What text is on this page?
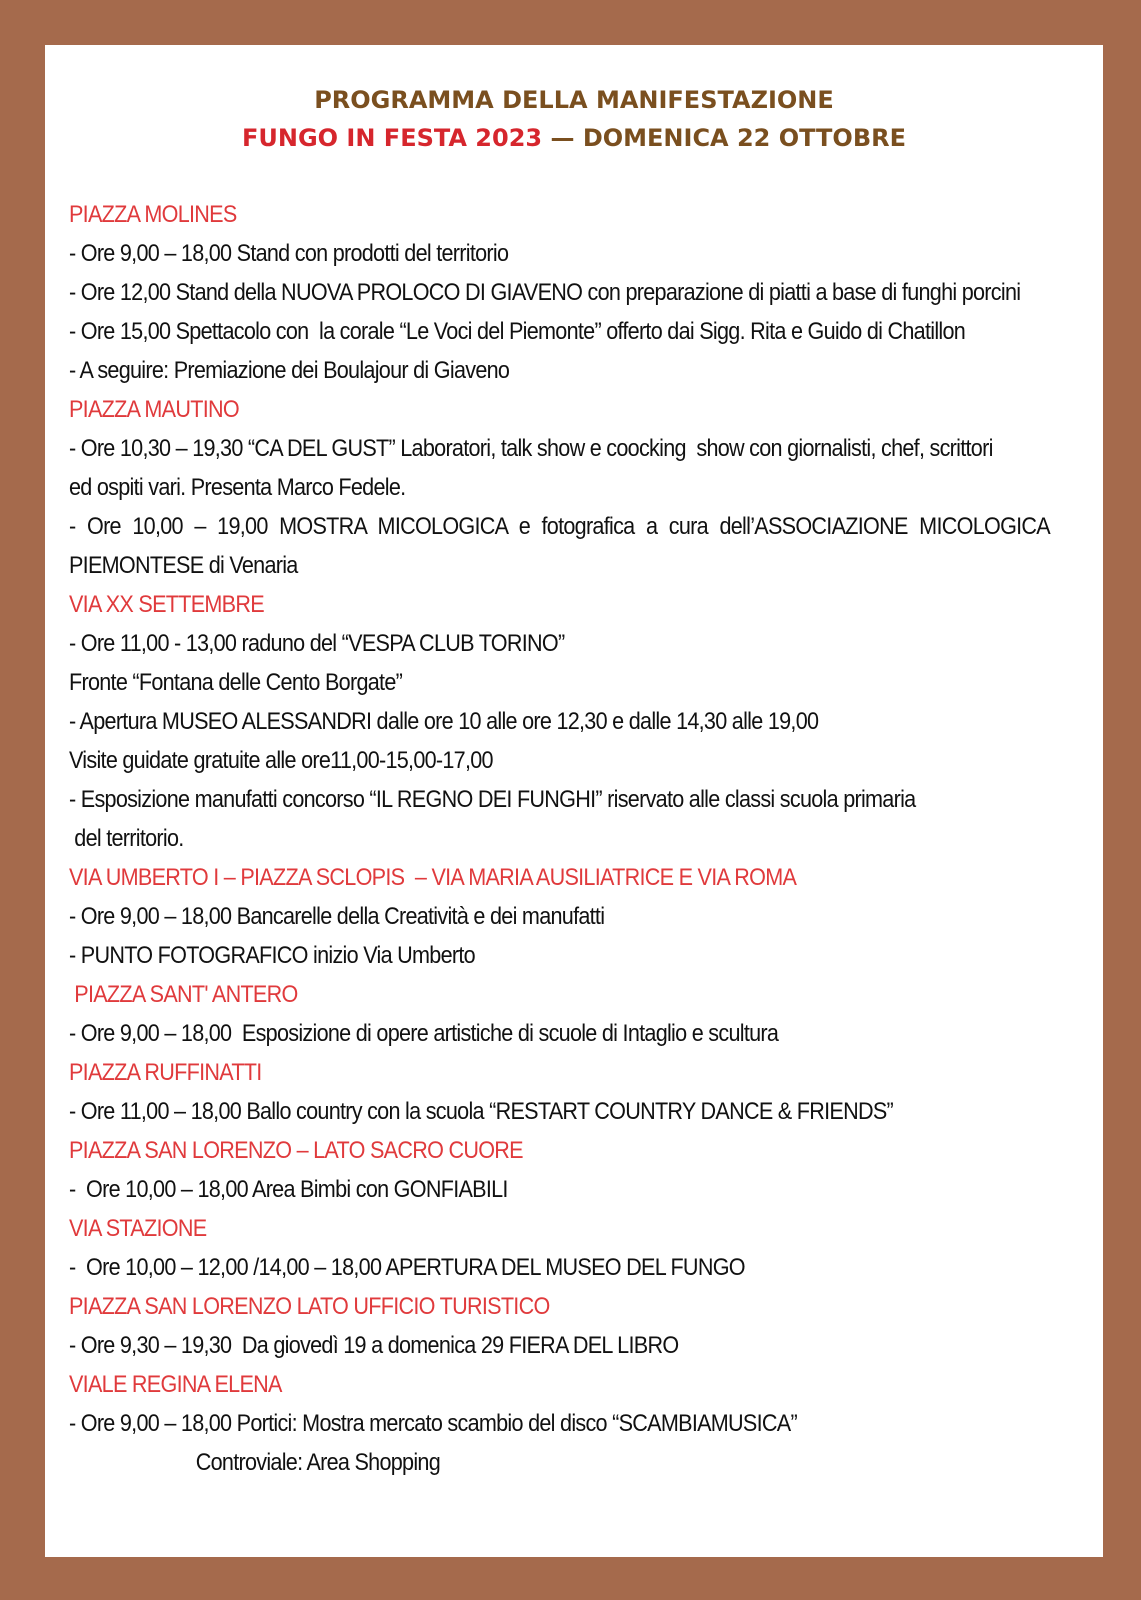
PROGRAMMA DELLA MANIFESTAZIONE
FUNGO IN FESTA 2023 — DOMENICA 22 OTTOBRE
PIAZZA MOLINES
- Ore 9,00 – 18,00 Stand con prodotti del territorio
- Ore 12,00 Stand della NUOVA PROLOCO DI GIAVENO con preparazione di piatti a base di funghi porcini
- Ore 15,00 Spettacolo con  la corale “Le Voci del Piemonte” offerto dai Sigg. Rita e Guido di Chatillon
- A seguire: Premiazione dei Boulajour di Giaveno
PIAZZA MAUTINO
- Ore 10,30 – 19,30 “CA DEL GUST” Laboratori, talk show e coocking  show con giornalisti, chef, scrittori
ed ospiti vari. Presenta Marco Fedele.
- Ore 10,00 – 19,00 MOSTRA MICOLOGICA e fotografica a cura dell’ASSOCIAZIONE MICOLOGICA
PIEMONTESE di Venaria
VIA XX SETTEMBRE
- Ore 11,00 - 13,00 raduno del “VESPA CLUB TORINO”
Fronte “Fontana delle Cento Borgate”
- Apertura MUSEO ALESSANDRI dalle ore 10 alle ore 12,30 e dalle 14,30 alle 19,00
Visite guidate gratuite alle ore11,00-15,00-17,00
- Esposizione manufatti concorso “IL REGNO DEI FUNGHI” riservato alle classi scuola primaria
del territorio.
VIA UMBERTO I – PIAZZA SCLOPIS  – VIA MARIA AUSILIATRICE E VIA ROMA
- Ore 9,00 – 18,00 Bancarelle della Creatività e dei manufatti
- PUNTO FOTOGRAFICO inizio Via Umberto
PIAZZA SANT' ANTERO
- Ore 9,00 – 18,00  Esposizione di opere artistiche di scuole di Intaglio e scultura
PIAZZA RUFFINATTI
- Ore 11,00 – 18,00 Ballo country con la scuola “RESTART COUNTRY DANCE & FRIENDS”
PIAZZA SAN LORENZO – LATO SACRO CUORE
-  Ore 10,00 – 18,00 Area Bimbi con GONFIABILI
VIA STAZIONE
-  Ore 10,00 – 12,00 /14,00 – 18,00 APERTURA DEL MUSEO DEL FUNGO
PIAZZA SAN LORENZO LATO UFFICIO TURISTICO
- Ore 9,30 – 19,30  Da giovedì 19 a domenica 29 FIERA DEL LIBRO
VIALE REGINA ELENA
- Ore 9,00 – 18,00 Portici: Mostra mercato scambio del disco “SCAMBIAMUSICA”
Controviale: Area Shopping
